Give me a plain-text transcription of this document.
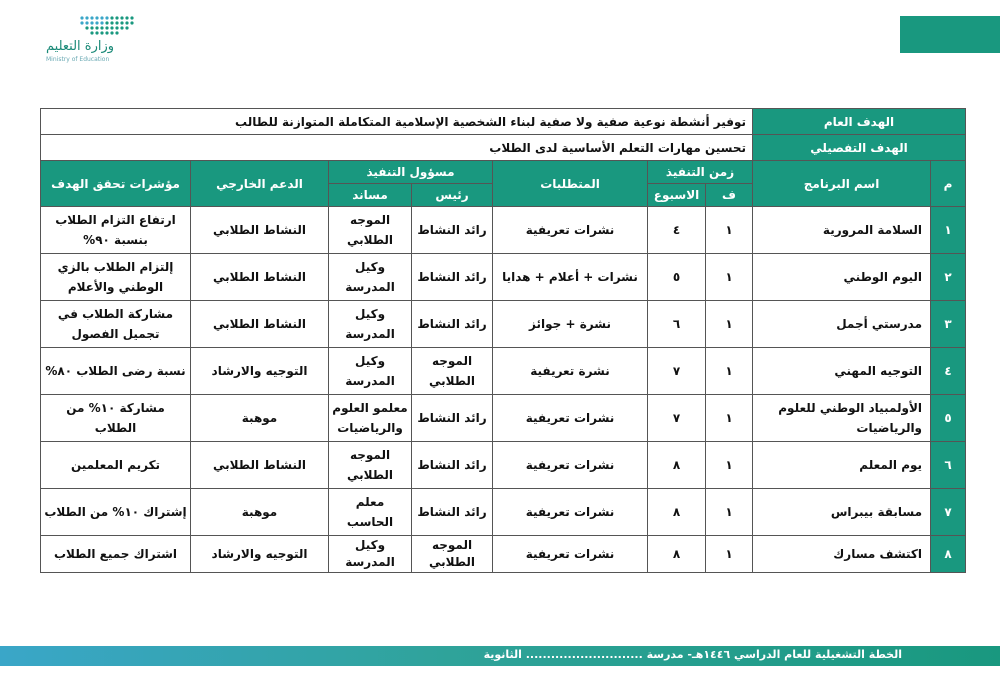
وزارة التعليم
Ministry of Education
الهدف العام		توفير أنشطة نوعية صفية ولا صفية لبناء الشخصية الإسلامية المتكاملة المتوازنة للطالب						
الهدف التفصيلي		تحسين مهارات التعلم الأساسية لدى الطلاب						
م	اسم البرنامج	زمن التنفيذ		المتطلبات	مسؤول التنفيذ		الدعم الخارجي	مؤشرات تحقق الهدف
		ف	الاسبوع		رئيس	مساند		
١	السلامة المرورية	١	٤	نشرات تعريفية	رائد النشاط	الموجه الطلابي	النشاط الطلابي	ارتفاع التزام الطلاب بنسبة ٩٠%
٢	اليوم الوطني	١	٥	نشرات + أعلام + هدايا	رائد النشاط	وكيل المدرسة	النشاط الطلابي	إلتزام الطلاب بالزي الوطني والأعلام
٣	مدرستي أجمل	١	٦	نشرة + جوائز	رائد النشاط	وكيل المدرسة	النشاط الطلابي	مشاركة الطلاب في تجميل الفصول
٤	التوجيه المهني	١	٧	نشرة تعريفية	الموجه الطلابي	وكيل المدرسة	التوجيه والارشاد	نسبة رضى الطلاب ٨٠%
٥	الأولمبياد الوطني للعلوم والرياضيات	١	٧	نشرات تعريفية	رائد النشاط	معلمو العلوم والرياضيات	موهبة	مشاركة ١٠% من الطلاب
٦	يوم المعلم	١	٨	نشرات تعريفية	رائد النشاط	الموجه الطلابي	النشاط الطلابي	تكريم المعلمين
٧	مسابقة بيبراس	١	٨	نشرات تعريفية	رائد النشاط	معلم الحاسب	موهبة	إشتراك ١٠% من الطلاب
٨	اكتشف مسارك	١	٨	نشرات تعريفية	الموجه الطلابي	وكيل المدرسة	التوجيه والارشاد	اشتراك جميع الطلاب
الخطة التشغيلية للعام الدراسي ١٤٤٦هـ- مدرسة ............................ الثانوية
